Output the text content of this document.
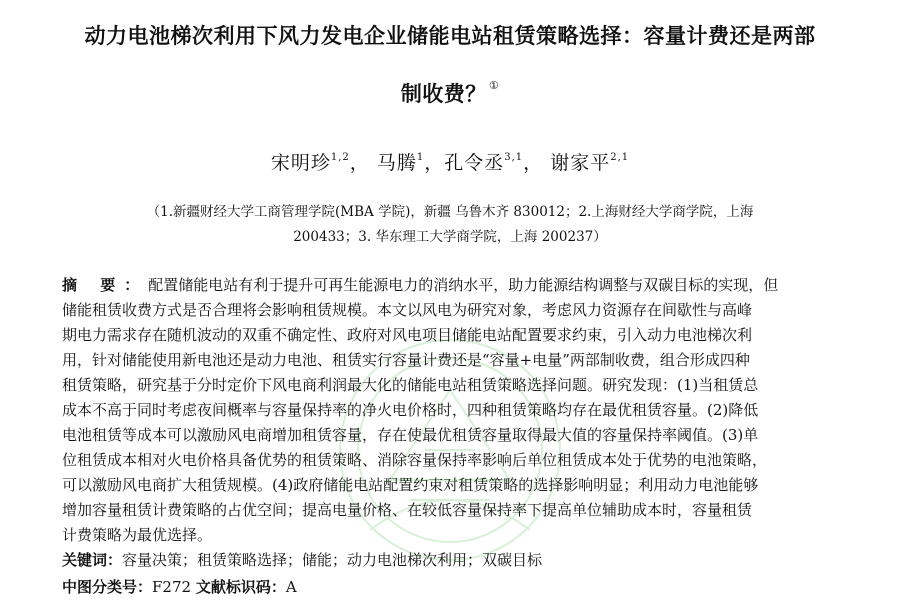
动力电池梯次利用下风力发电企业储能电站租赁策略选择：容量计费还是两部
制收费？ ①
宋明珍$^{1,2}$， 马腾$^1$，孔令丞$^{3,1}$， 谢家平$^{2,1}$
（1.新疆财经大学工商管理学院(MBA 学院)，新疆 乌鲁木齐 830012；2.上海财经大学商学院，上海
200433；3. 华东理工大学商学院，上海 200237）
摘 要：配置储能电站有利于提升可再生能源电力的消纳水平，助力能源结构调整与双碳目标的实现，但
储能租赁收费方式是否合理将会影响租赁规模。本文以风电为研究对象，考虑风力资源存在间歇性与高峰
期电力需求存在随机波动的双重不确定性、政府对风电项目储能电站配置要求约束，引入动力电池梯次利
用，针对储能使用新电池还是动力电池、租赁实行容量计费还是“容量+电量”两部制收费，组合形成四种
租赁策略，研究基于分时定价下风电商利润最大化的储能电站租赁策略选择问题。研究发现：(1)当租赁总
成本不高于同时考虑夜间概率与容量保持率的净火电价格时，四种租赁策略均存在最优租赁容量。(2)降低
电池租赁等成本可以激励风电商增加租赁容量，存在使最优租赁容量取得最大值的容量保持率阈值。(3)单
位租赁成本相对火电价格具备优势的租赁策略、消除容量保持率影响后单位租赁成本处于优势的电池策略，
可以激励风电商扩大租赁规模。(4)政府储能电站配置约束对租赁策略的选择影响明显；利用动力电池能够
增加容量租赁计费策略的占优空间；提高电量价格、在较低容量保持率下提高单位辅助成本时，容量租赁
计费策略为最优选择。
关键词：容量决策；租赁策略选择；储能；动力电池梯次利用；双碳目标
中图分类号：F272 文献标识码：A
